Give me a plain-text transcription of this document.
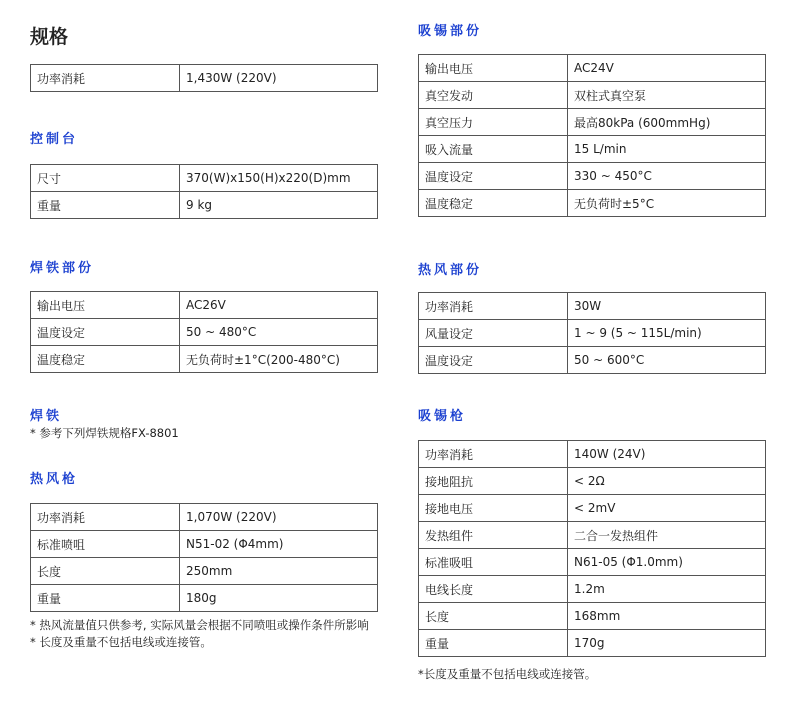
规格
功率消耗	1,430W (220V)
控制台
尺寸	370(W)x150(H)x220(D)mm
重量	9 kg
焊铁部份
输出电压	AC26V
温度设定	50 ~ 480°C
温度稳定	无负荷时±1°C(200-480°C)
焊铁

* 参考下列焊铁规格FX-8801

热风枪
功率消耗	1,070W (220V)
标准喷咀	N51-02 (Φ4mm)
长度	250mm
重量	180g

* 热风流量值只供参考, 实际风量会根据不同喷咀或操作条件所影响

* 长度及重量不包括电线或连接管。

吸锡部份
输出电压	AC24V
真空发动	双柱式真空泵
真空压力	最高80kPa (600mmHg)
吸入流量	15 L/min
温度设定	330 ~ 450°C
温度稳定	无负荷时±5°C
热风部份
功率消耗	30W
风量设定	1 ~ 9 (5 ~ 115L/min)
温度设定	50 ~ 600°C
吸锡枪
功率消耗	140W (24V)
接地阻抗	< 2Ω
接地电压	< 2mV
发热组件	二合一发热组件
标准吸咀	N61-05 (Φ1.0mm)
电线长度	1.2m
长度	168mm
重量	170g

*长度及重量不包括电线或连接管。
